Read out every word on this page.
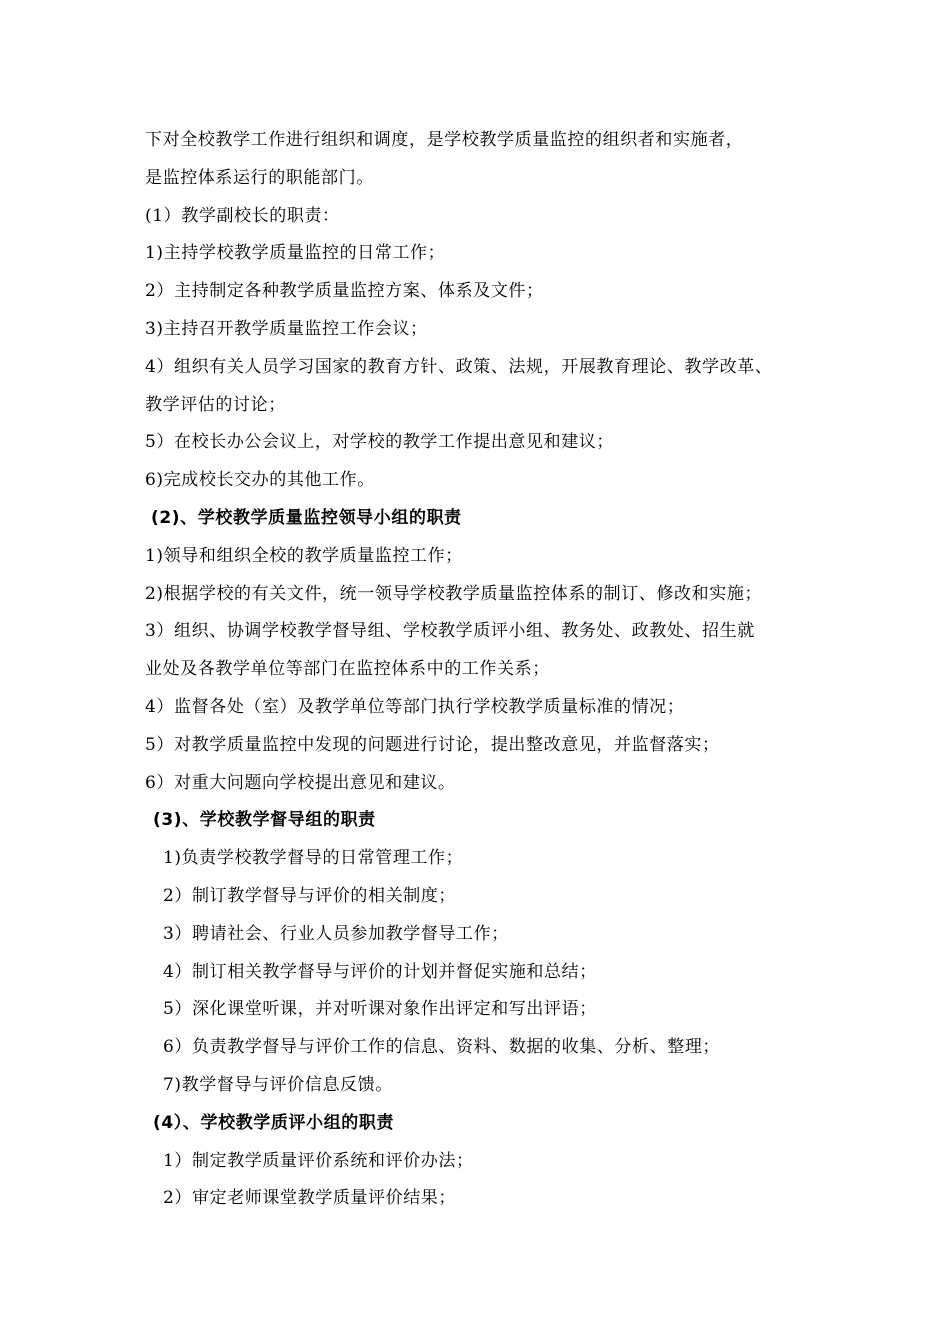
下对全校教学工作进行组织和调度，是学校教学质量监控的组织者和实施者，
是监控体系运行的职能部门。
(1）教学副校长的职责：
1)主持学校教学质量监控的日常工作；
2）主持制定各种教学质量监控方案、体系及文件；
3)主持召开教学质量监控工作会议；
4）组织有关人员学习国家的教育方针、政策、法规，开展教育理论、教学改革、
教学评估的讨论；
5）在校长办公会议上，对学校的教学工作提出意见和建议；
6)完成校长交办的其他工作。
(2)、学校教学质量监控领导小组的职责
1)领导和组织全校的教学质量监控工作；
2)根据学校的有关文件，统一领导学校教学质量监控体系的制订、修改和实施；
3）组织、协调学校教学督导组、学校教学质评小组、教务处、政教处、招生就
业处及各教学单位等部门在监控体系中的工作关系；
4）监督各处（室）及教学单位等部门执行学校教学质量标准的情况；
5）对教学质量监控中发现的问题进行讨论，提出整改意见，并监督落实；
6）对重大问题向学校提出意见和建议。
(3)、学校教学督导组的职责
1)负责学校教学督导的日常管理工作；
2）制订教学督导与评价的相关制度；
3）聘请社会、行业人员参加教学督导工作；
4）制订相关教学督导与评价的计划并督促实施和总结；
5）深化课堂听课，并对听课对象作出评定和写出评语；
6）负责教学督导与评价工作的信息、资料、数据的收集、分析、整理；
7)教学督导与评价信息反馈。
(4）、学校教学质评小组的职责
1）制定教学质量评价系统和评价办法；
2）审定老师课堂教学质量评价结果；
